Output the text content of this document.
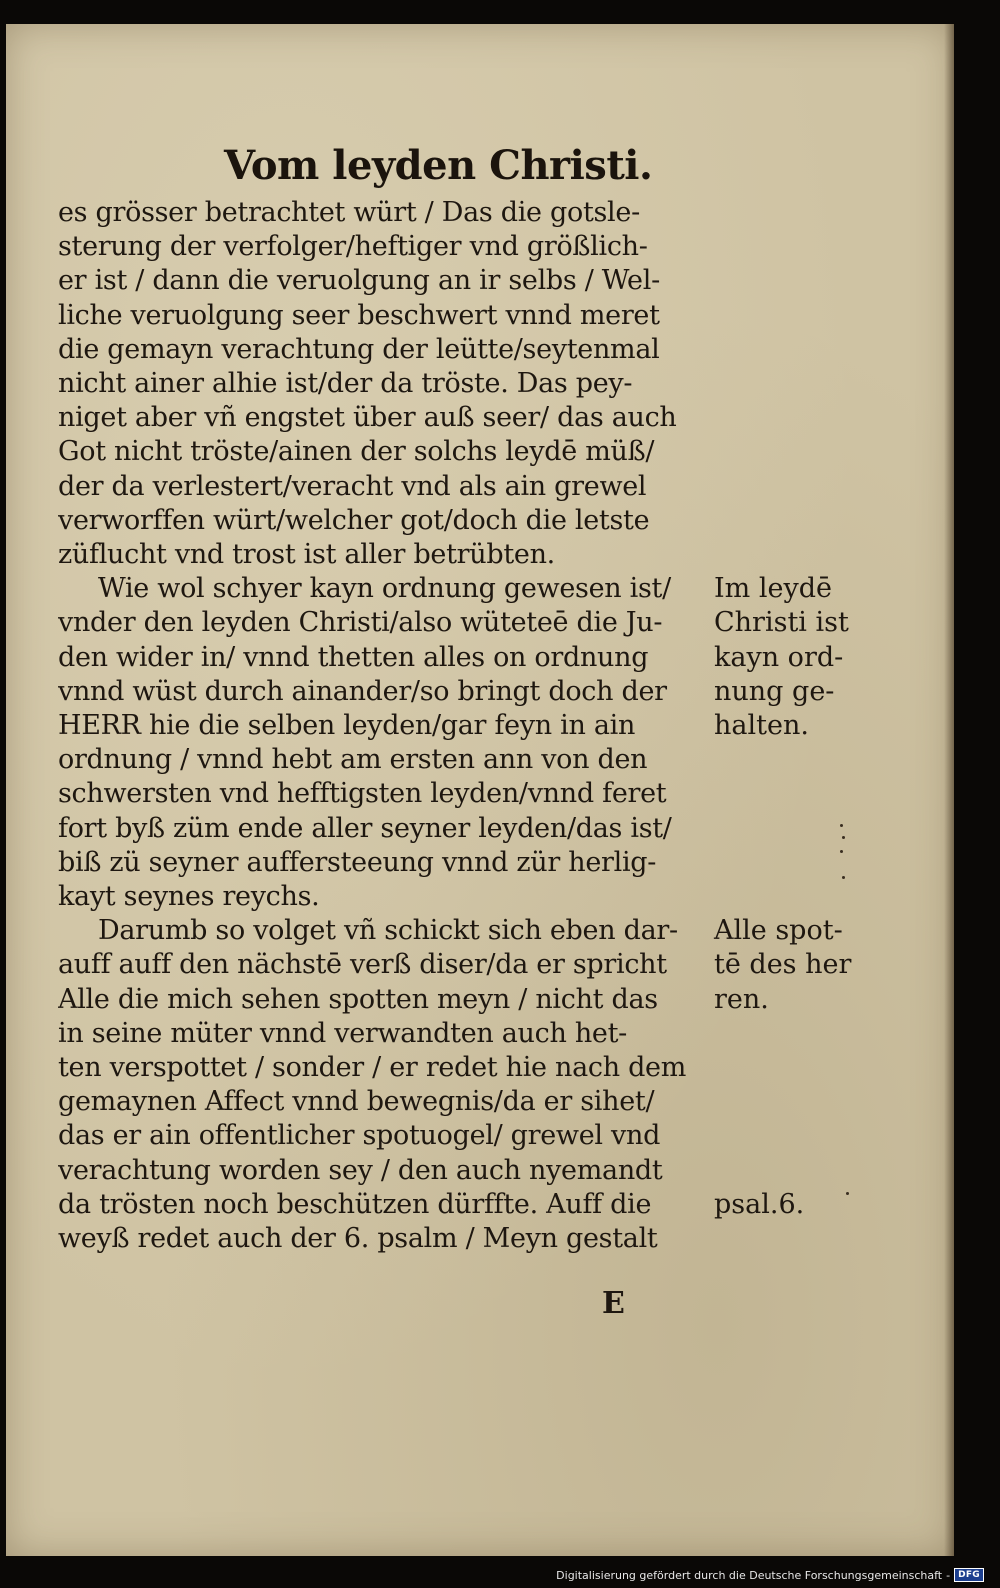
Vom leyden Christi.
es grösser betrachtet würt / Das die gotsle-
sterung der verfolger/heftiger vnd größlich-
er ist / dann die veruolgung an ir selbs / Wel-
liche veruolgung seer beschwert vnnd meret
die gemayn verachtung der leütte/seytenmal
nicht ainer alhie ist/der da tröste. Das pey-
niget aber vñ engstet über auß seer/ das auch
Got nicht tröste/ainen der solchs leydē müß/
der da verlestert/veracht vnd als ain grewel
verworffen würt/welcher got/doch die letste
züflucht vnd trost ist aller betrübten.
Wie wol schyer kayn ordnung gewesen ist/
vnder den leyden Christi/also wüteteē die Ju-
den wider in/ vnnd thetten alles on ordnung
vnnd wüst durch ainander/so bringt doch der
HERR hie die selben leyden/gar feyn in ain
ordnung / vnnd hebt am ersten ann von den
schwersten vnd hefftigsten leyden/vnnd feret
fort byß züm ende aller seyner leyden/das ist/
biß zü seyner aufferstееung vnnd zür herlig-
kayt seynes reychs.
Darumb so volget vñ schickt sich eben dar-
auff auff den nächstē verß diser/da er spricht
Alle die mich sehen spotten meyn / nicht das
in seine müter vnnd verwandten auch het-
ten verspottet / sonder / er redet hie nach dem
gemaynen Affect vnnd bewegnis/da er sihet/
das er ain offentlicher spotuogel/ grewel vnd
verachtung worden sey / den auch nyemandt
da trösten noch beschützen dürffte. Auff die
weyß redet auch der 6. psalm / Meyn gestalt
Im leydē
Christi ist
kayn ord-
nung ge-
halten.
Alle spot-
tē des her
ren.
psal.6.
E
Digitalisierung gefördert durch die Deutsche Forschungsgemeinschaft - DFG
